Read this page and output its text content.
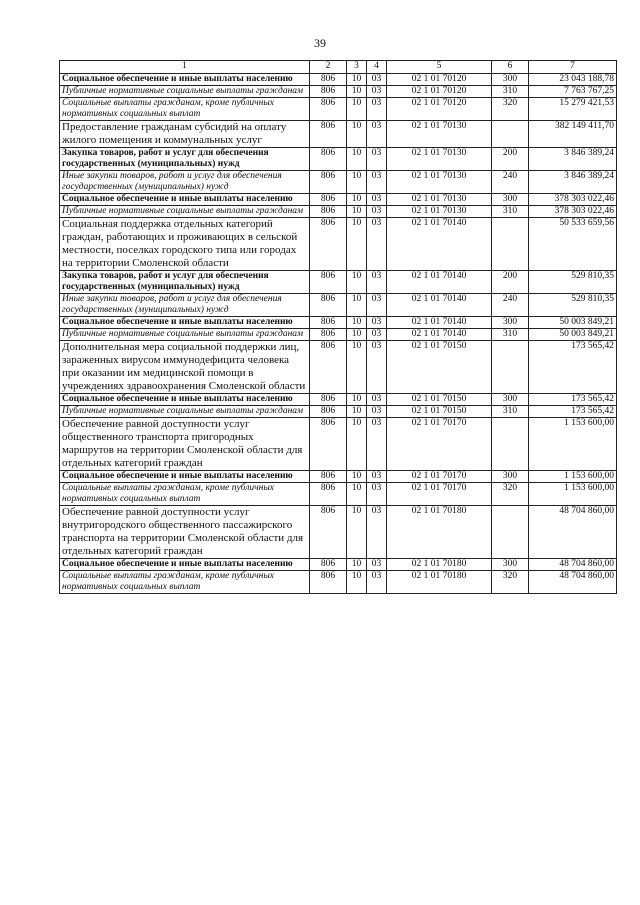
39
1	2	3	4	5	6	7
Социальное обеспечение и иные выплаты населению	806	10	03	02 1 01 70120	300	23 043 188,78
Публичные нормативные социальные выплаты гражданам	806	10	03	02 1 01 70120	310	7 763 767,25
Социальные выплаты гражданам, кроме публичных нормативных социальных выплат	806	10	03	02 1 01 70120	320	15 279 421,53
Предоставление гражданам субсидий на оплату жилого помещения и коммунальных услуг	806	10	03	02 1 01 70130		382 149 411,70
Закупка товаров, работ и услуг для обеспечения государственных (муниципальных) нужд	806	10	03	02 1 01 70130	200	3 846 389,24
Иные закупки товаров, работ и услуг для обеспечения государственных (муниципальных) нужд	806	10	03	02 1 01 70130	240	3 846 389,24
Социальное обеспечение и иные выплаты населению	806	10	03	02 1 01 70130	300	378 303 022,46
Публичные нормативные социальные выплаты гражданам	806	10	03	02 1 01 70130	310	378 303 022,46
Социальная поддержка отдельных категорий граждан, работающих и проживающих в сельской местности, поселках городского типа или городах на территории Смоленской области	806	10	03	02 1 01 70140		50 533 659,56
Закупка товаров, работ и услуг для обеспечения государственных (муниципальных) нужд	806	10	03	02 1 01 70140	200	529 810,35
Иные закупки товаров, работ и услуг для обеспечения государственных (муниципальных) нужд	806	10	03	02 1 01 70140	240	529 810,35
Социальное обеспечение и иные выплаты населению	806	10	03	02 1 01 70140	300	50 003 849,21
Публичные нормативные социальные выплаты гражданам	806	10	03	02 1 01 70140	310	50 003 849,21
Дополнительная мера социальной поддержки лиц, зараженных вирусом иммунодефицита человека при оказании им медицинской помощи в учреждениях здравоохранения Смоленской области	806	10	03	02 1 01 70150		173 565,42
Социальное обеспечение и иные выплаты населению	806	10	03	02 1 01 70150	300	173 565,42
Публичные нормативные социальные выплаты гражданам	806	10	03	02 1 01 70150	310	173 565,42
Обеспечение равной доступности услуг общественного транспорта пригородных маршрутов на территории Смоленской области для отдельных категорий граждан	806	10	03	02 1 01 70170		1 153 600,00
Социальное обеспечение и иные выплаты населению	806	10	03	02 1 01 70170	300	1 153 600,00
Социальные выплаты гражданам, кроме публичных нормативных социальных выплат	806	10	03	02 1 01 70170	320	1 153 600,00
Обеспечение равной доступности услуг внутригородского общественного пассажирского транспорта на территории Смоленской области для отдельных категорий граждан	806	10	03	02 1 01 70180		48 704 860,00
Социальное обеспечение и иные выплаты населению	806	10	03	02 1 01 70180	300	48 704 860,00
Социальные выплаты гражданам, кроме публичных нормативных социальных выплат	806	10	03	02 1 01 70180	320	48 704 860,00
